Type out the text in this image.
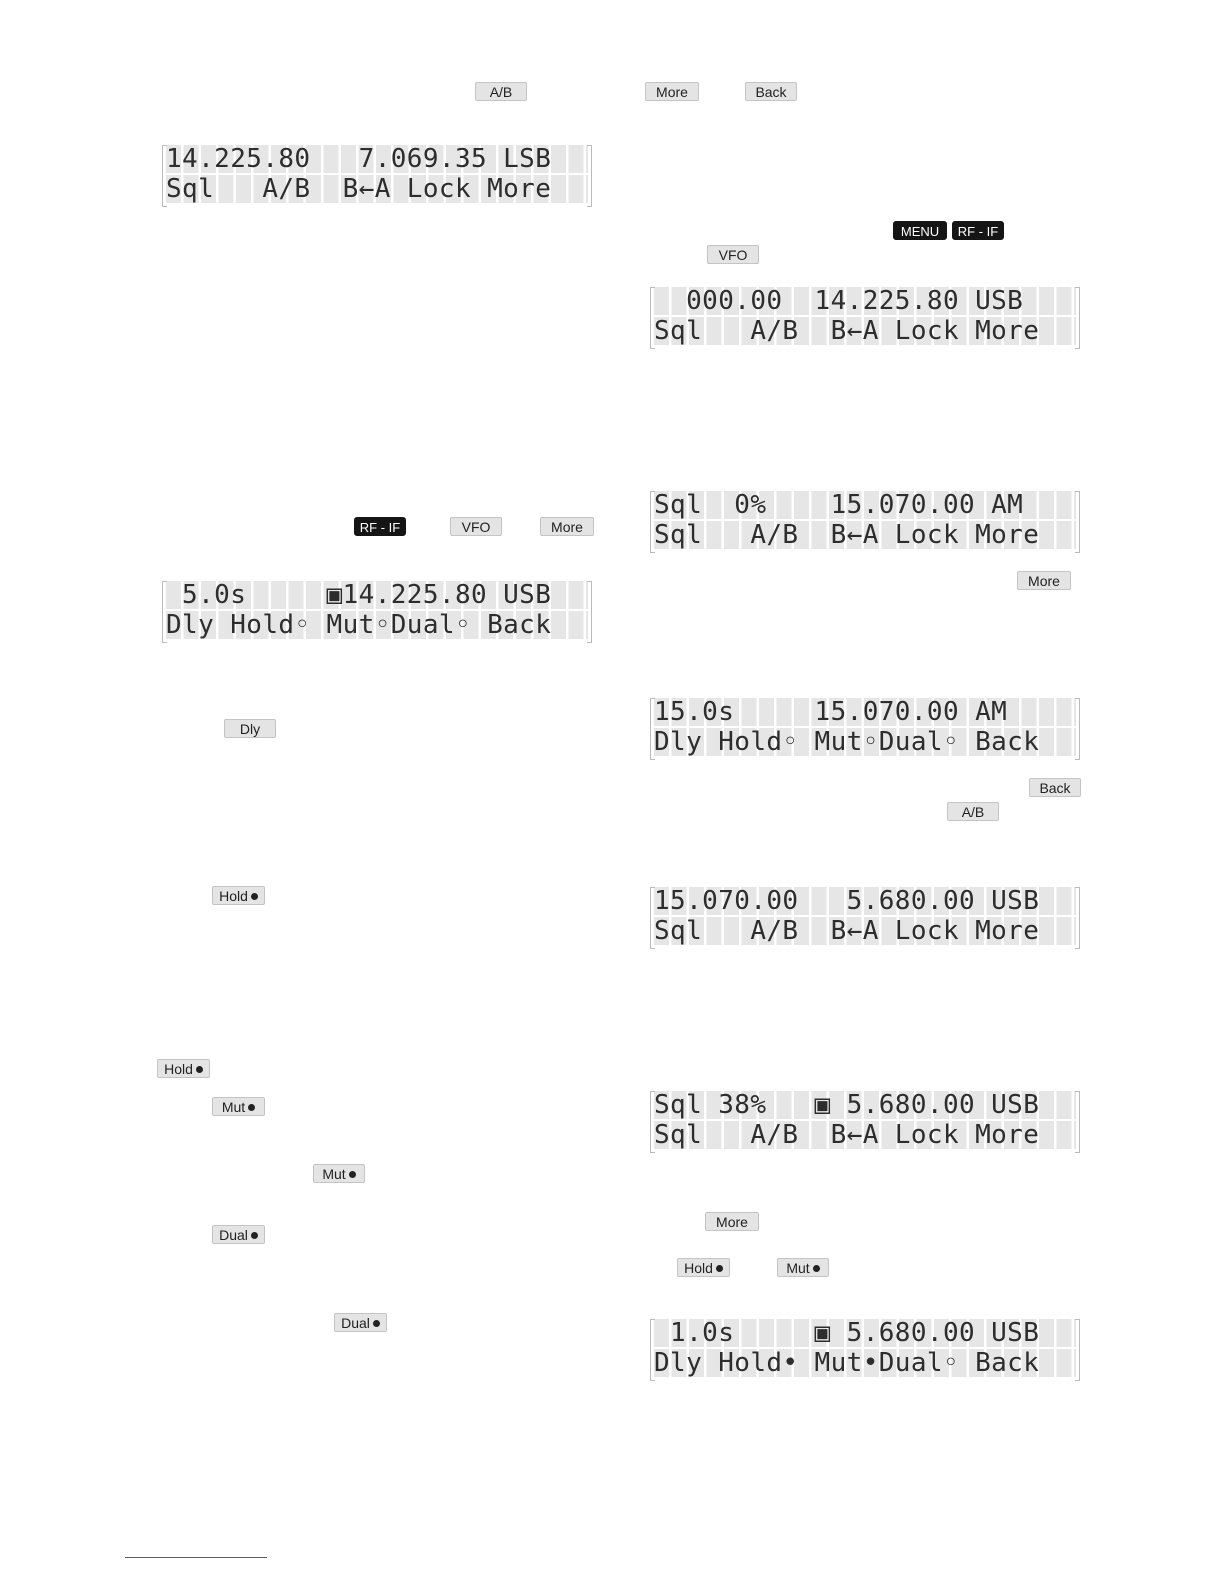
A/B	More	Back
14.225.80   7.069.35 LSB
Sql   A/B  B←A Lock More
MENU	RF - IF
VFO
000.00  14.225.80 USB
Sql   A/B  B←A Lock More
Sql  0%    15.070.00 AM
Sql   A/B  B←A Lock More
RF - IF	VFO	More
More
5.0s     ▣14.225.80 USB
Dly Hold◦ Mut◦Dual◦ Back
15.0s     15.070.00 AM
Dly Hold◦ Mut◦Dual◦ Back
Dly
Back
A/B
Hold	15.070.00   5.680.00 USB
Sql   A/B  B←A Lock More
Hold
Sql 38%   ▣ 5.680.00 USB
Sql   A/B  B←A Lock More
Mut
Mut
More
Dual
Hold	Mut
Dual	1.0s     ▣ 5.680.00 USB
Dly Hold• Mut•Dual◦ Back
